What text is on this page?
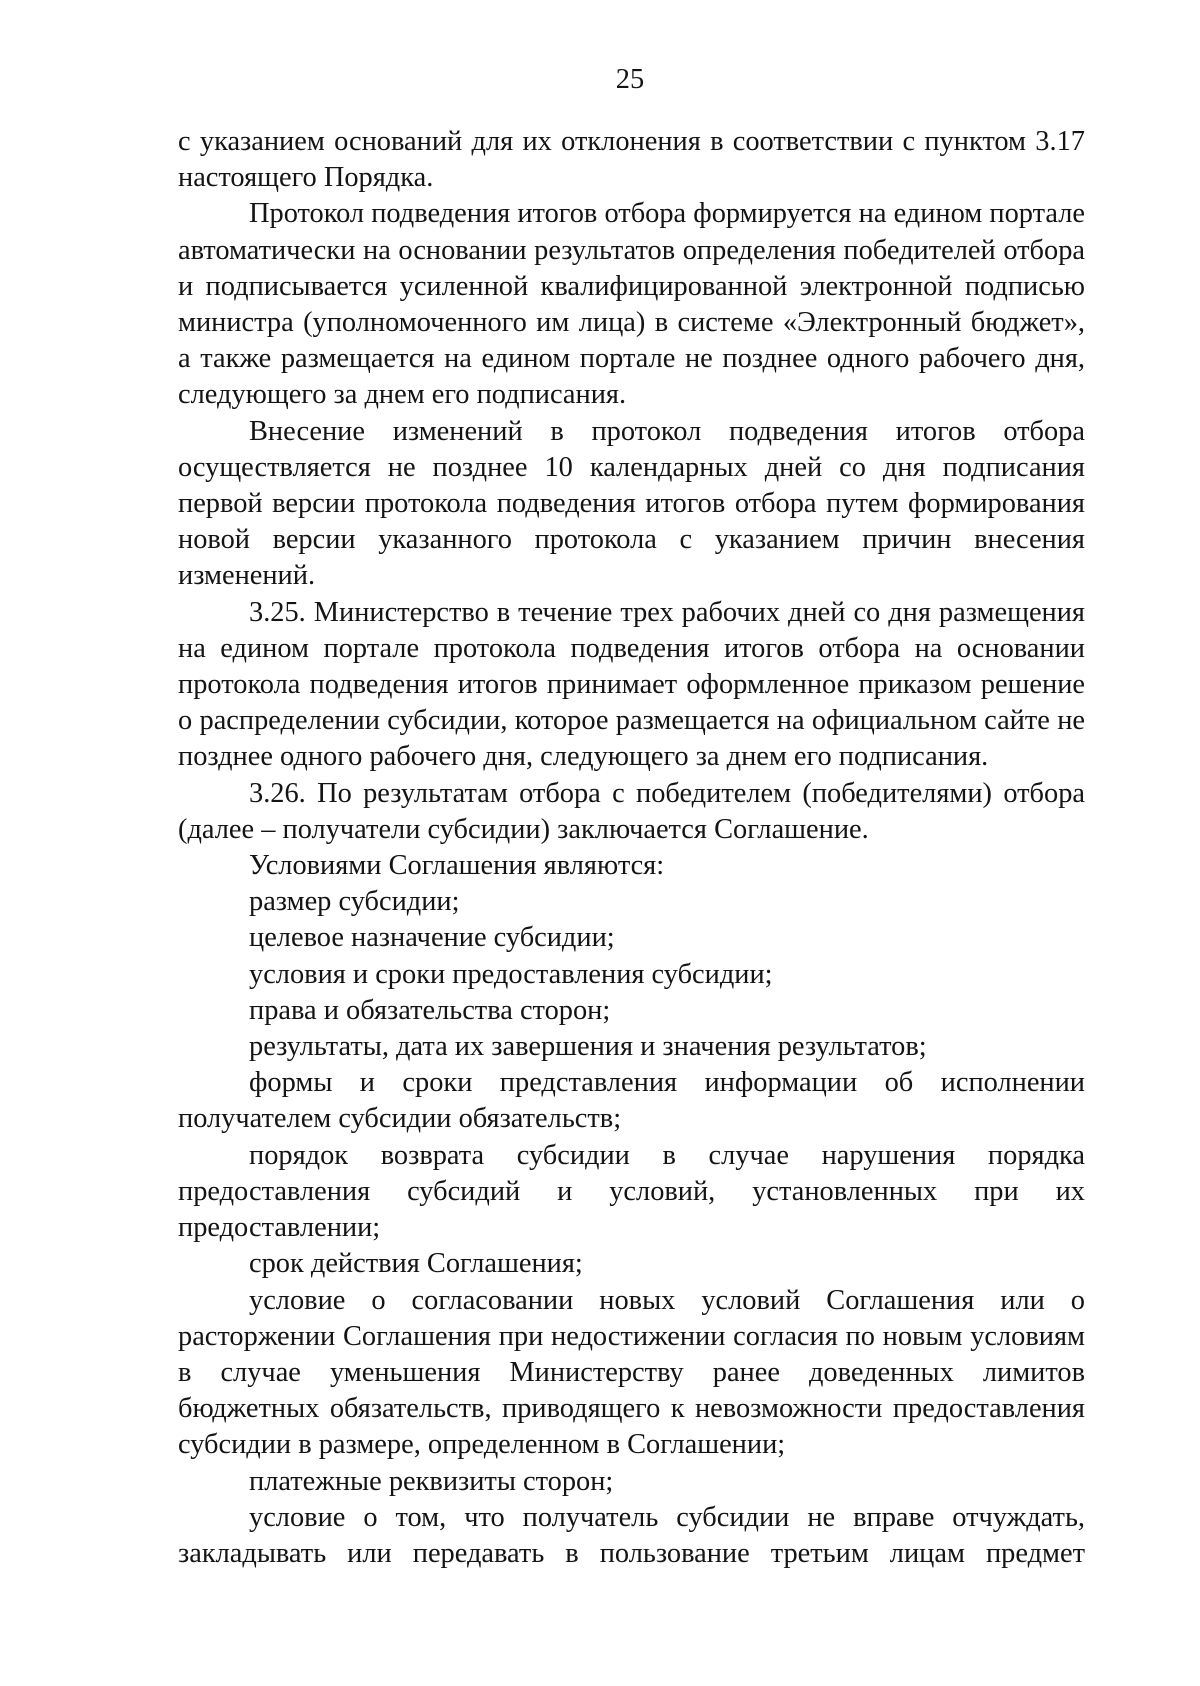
25

с указанием оснований для их отклонения в соответствии с пунктом 3.17 настоящего Порядка.

Протокол подведения итогов отбора формируется на едином портале автоматически на основании результатов определения победителей отбора и подписывается усиленной квалифицированной электронной подписью министра (уполномоченного им лица) в системе «Электронный бюджет», а также размещается на едином портале не позднее одного рабочего дня, следующего за днем его подписания.

Внесение изменений в протокол подведения итогов отбора осуществляется не позднее 10 календарных дней со дня подписания первой версии протокола подведения итогов отбора путем формирования новой версии указанного протокола с указанием причин внесения изменений.

3.25. Министерство в течение трех рабочих дней со дня размещения на едином портале протокола подведения итогов отбора на основании протокола подведения итогов принимает оформленное приказом решение о распределении субсидии, которое размещается на официальном сайте не позднее одного рабочего дня, следующего за днем его подписания.

3.26. По результатам отбора с победителем (победителями) отбора (далее – получатели субсидии) заключается Соглашение.

Условиями Соглашения являются:

размер субсидии;

целевое назначение субсидии;

условия и сроки предоставления субсидии;

права и обязательства сторон;

результаты, дата их завершения и значения результатов;

формы и сроки представления информации об исполнении получателем субсидии обязательств;

порядок возврата субсидии в случае нарушения порядка предоставления субсидий и условий, установленных при их предоставлении;

срок действия Соглашения;

условие о согласовании новых условий Соглашения или о расторжении Соглашения при недостижении согласия по новым условиям в случае уменьшения Министерству ранее доведенных лимитов бюджетных обязательств, приводящего к невозможности предоставления субсидии в размере, определенном в Соглашении;

платежные реквизиты сторон;

условие о том, что получатель субсидии не вправе отчуждать, закладывать или передавать в пользование третьим лицам предмет
